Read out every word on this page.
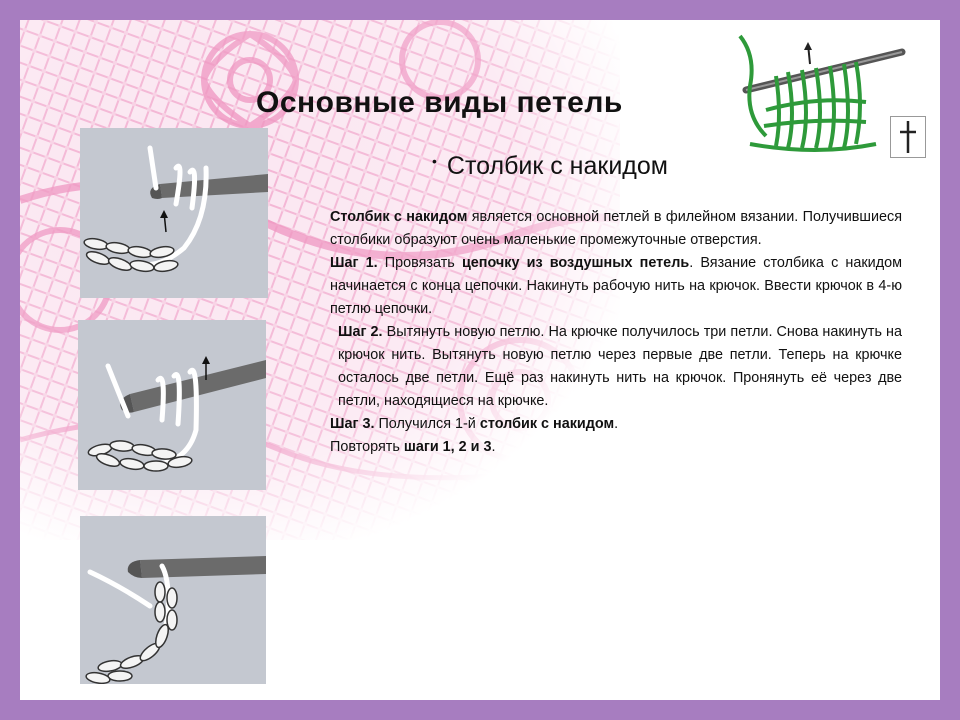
Основные виды петель
• Столбик с накидом

Столбик с накидом является основной петлей в филейном вязании. Получившиеся столбики образуют очень маленькие промежуточные отверстия.

Шаг 1. Провязать цепочку из воздушных петель. Вязание столбика с накидом начинается с конца цепочки. Накинуть рабочую нить на крючок. Ввести крючок в 4-ю петлю цепочки.

Шаг 2. Вытянуть новую петлю. На крючке получилось три петли. Снова накинуть на крючок нить. Вытянуть новую петлю через первые две петли. Теперь на крючке осталось две петли. Ещё раз накинуть нить на крючок. Пронянуть её через две петли, находящиеся на крючке.

Шаг 3. Получился 1-й столбик с накидом.

Повторять шаги 1, 2 и 3.
